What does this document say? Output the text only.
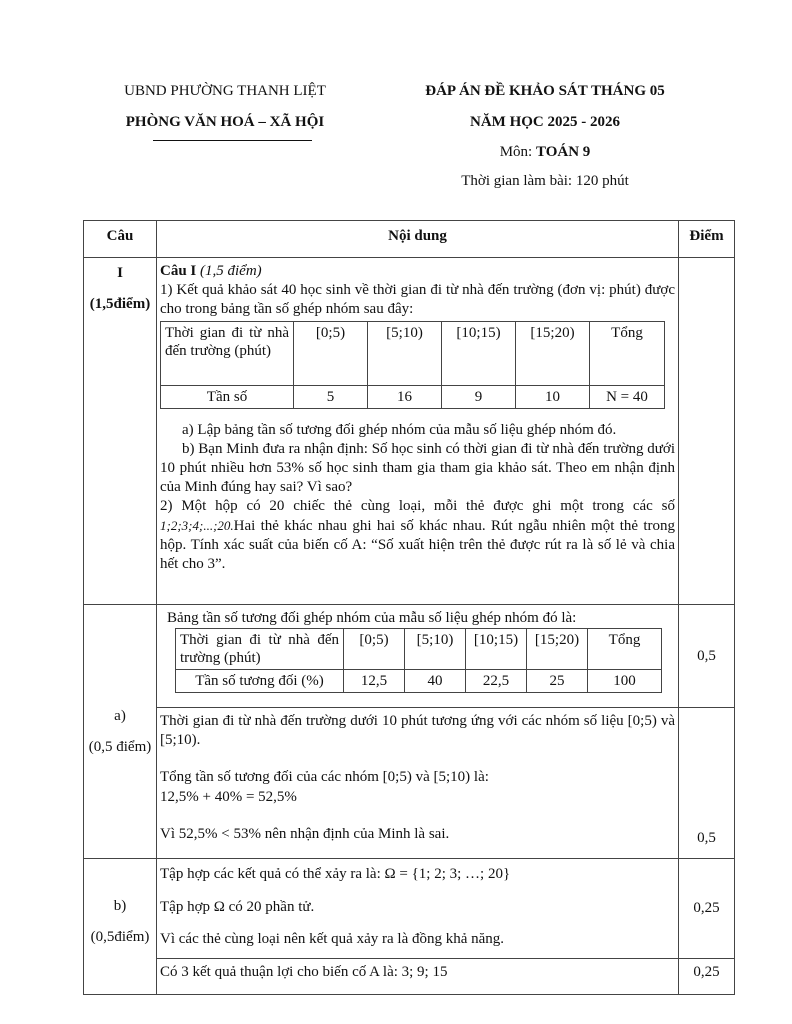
UBND PHƯỜNG THANH LIỆT
PHÒNG VĂN HOÁ – XÃ HỘI
ĐÁP ÁN ĐỀ KHẢO SÁT THÁNG 05
NĂM HỌC 2025 - 2026
Môn: TOÁN 9
Thời gian làm bài: 120 phút
Câu	Nội dung	Điểm

I
(1,5điểm)

Câu I (1,5 điểm)
1) Kết quả khảo sát 40 học sinh về thời gian đi từ nhà đến trường (đơn vị: phút) được cho trong bảng tần số ghép nhóm sau đây:
Thời gian đi từ nhà đến trường (phút)	[0;5)	[5;10)	[10;15)	[15;20)	Tổng
Tần số	5	16	9	10	N = 40
a) Lập bảng tần số tương đối ghép nhóm của mẫu số liệu ghép nhóm đó.
b) Bạn Minh đưa ra nhận định: Số học sinh có thời gian đi từ nhà đến trường dưới 10 phút nhiều hơn 53% số học sinh tham gia tham gia khảo sát. Theo em nhận định của Minh đúng hay sai? Vì sao?
2) Một hộp có 20 chiếc thẻ cùng loại, mỗi thẻ được ghi một trong các số 1;2;3;4;...;20.Hai thẻ khác nhau ghi hai số khác nhau. Rút ngẫu nhiên một thẻ trong hộp. Tính xác suất của biến cố A: “Số xuất hiện trên thẻ được rút ra là số lẻ và chia hết cho 3”.

a)
(0,5 điểm)

Bảng tần số tương đối ghép nhóm của mẫu số liệu ghép nhóm đó là:
Thời gian đi từ nhà đến trường (phút)	[0;5)	[5;10)	[10;15)	[15;20)	Tổng
Tần số tương đối (%)	12,5	40	22,5	25	100
	0,5

Thời gian đi từ nhà đến trường dưới 10 phút tương ứng với các nhóm số liệu [0;5) và [5;10).
Tổng tần số tương đối của các nhóm [0;5) và [5;10) là:
12,5% + 40% = 52,5%
Vì 52,5% < 53% nên nhận định của Minh là sai.	0,5

b)
(0,5điểm)

Tập hợp các kết quả có thể xảy ra là: Ω = {1; 2; 3; …; 20}
Tập hợp Ω có 20 phần tử.
Vì các thẻ cùng loại nên kết quả xảy ra là đồng khả năng.
	0,25

Có 3 kết quả thuận lợi cho biến cố A là: 3; 9; 15	0,25
